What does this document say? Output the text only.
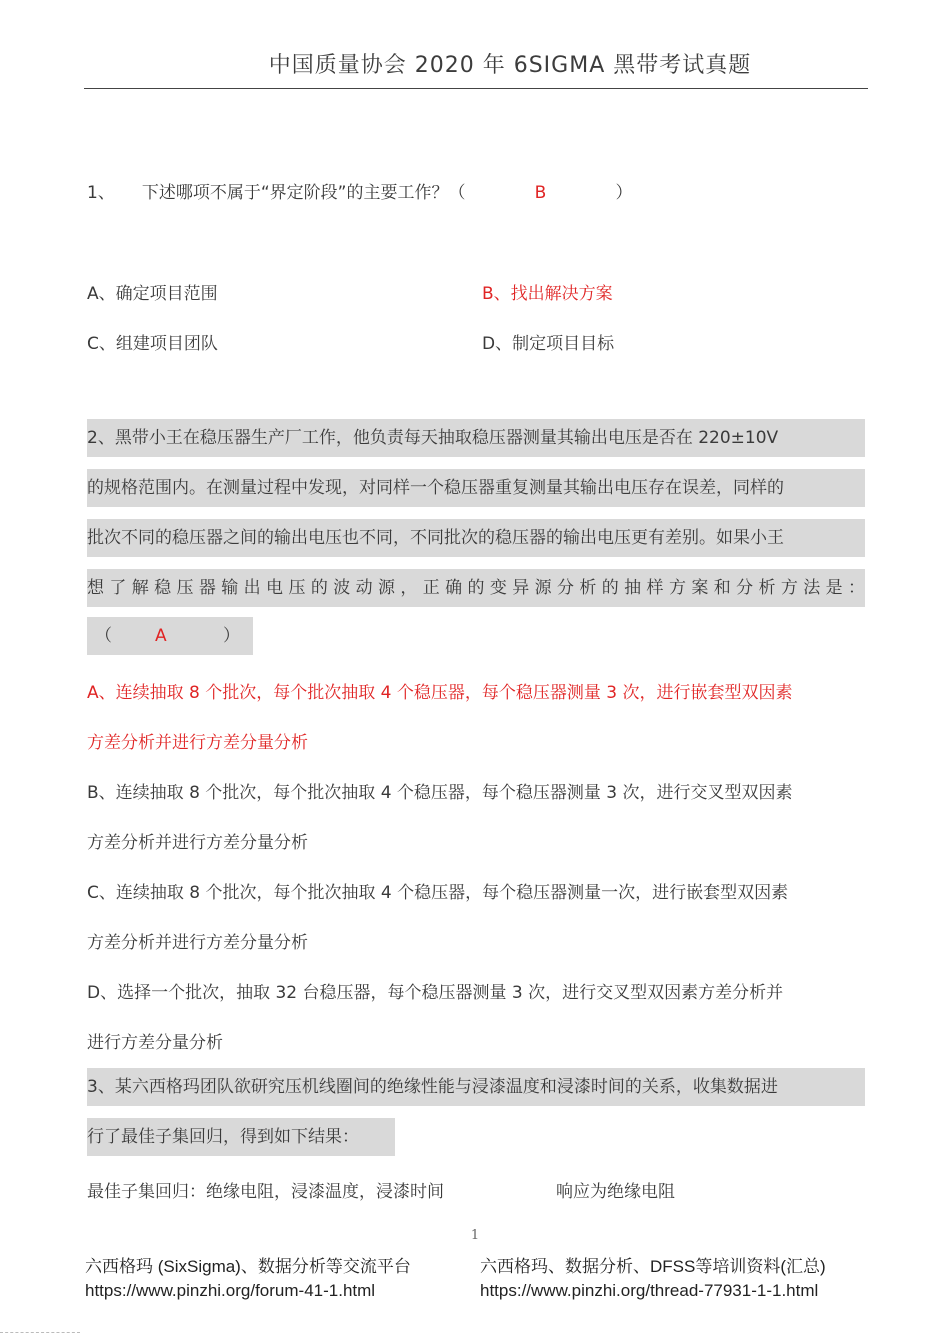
中国质量协会 2020 年 6SIGMA 黑带考试真题
1、     下述哪项不属于“界定阶段”的主要工作？（	B	）
A、确定项目范围	B、找出解决方案
C、组建项目团队	D、制定项目目标
2、黑带小王在稳压器生产厂工作，他负责每天抽取稳压器测量其输出电压是否在 220±10V
的规格范围内。在测量过程中发现，对同样一个稳压器重复测量其输出电压存在误差，同样的
批次不同的稳压器之间的输出电压也不同，不同批次的稳压器的输出电压更有差别。如果小王
想了解稳压器输出电压的波动源，正确的变异源分析的抽样方案和分析方法是：
（	A	）
A、连续抽取 8 个批次，每个批次抽取 4 个稳压器，每个稳压器测量 3 次，进行嵌套型双因素
方差分析并进行方差分量分析
B、连续抽取 8 个批次，每个批次抽取 4 个稳压器，每个稳压器测量 3 次，进行交叉型双因素
方差分析并进行方差分量分析
C、连续抽取 8 个批次，每个批次抽取 4 个稳压器，每个稳压器测量一次，进行嵌套型双因素
方差分析并进行方差分量分析
D、选择一个批次，抽取 32 台稳压器，每个稳压器测量 3 次，进行交叉型双因素方差分析并
进行方差分量分析
3、某六西格玛团队欲研究压机线圈间的绝缘性能与浸漆温度和浸漆时间的关系，收集数据进
行了最佳子集回归，得到如下结果：
最佳子集回归：绝缘电阻，浸漆温度，浸漆时间	响应为绝缘电阻
1
六西格玛 (SixSigma)、数据分析等交流平台
https://www.pinzhi.org/forum-41-1.html
六西格玛、数据分析、DFSS等培训资料(汇总)
https://www.pinzhi.org/thread-77931-1-1.html
